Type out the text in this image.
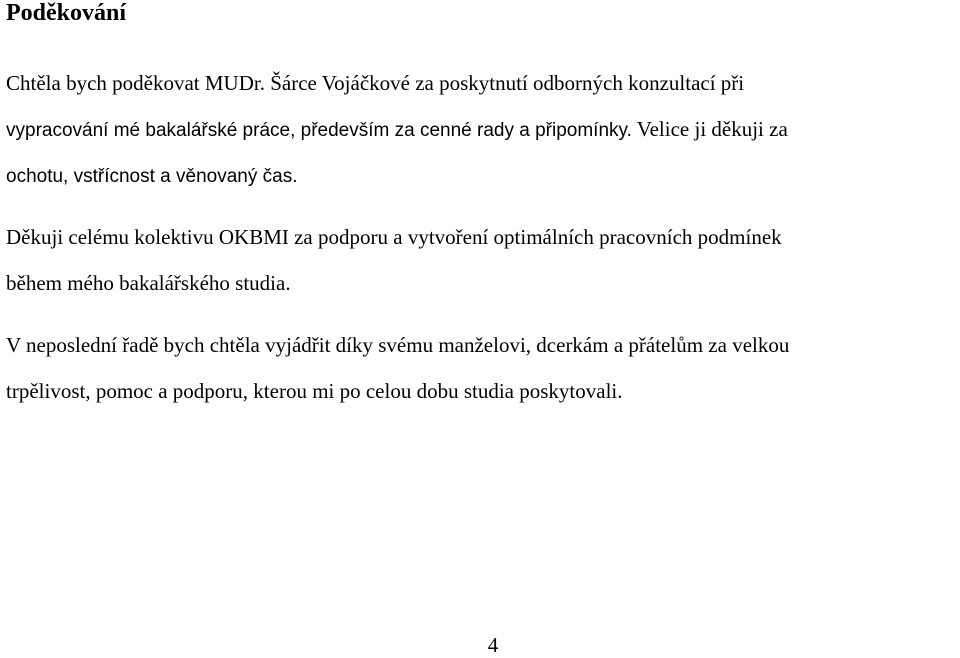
Poděkování
Chtěla bych poděkovat MUDr. Šárce Vojáčkové za poskytnutí odborných konzultací při
vypracování mé bakalářské práce, především za cenné rady a připomínky. Velice ji děkuji za
ochotu, vstřícnost a věnovaný čas.
Děkuji celému kolektivu OKBMI za podporu a vytvoření optimálních pracovních podmínek
během mého bakalářského studia.
V neposlední řadě bych chtěla vyjádřit díky svému manželovi, dcerkám a přátelům za velkou
trpělivost, pomoc a podporu, kterou mi po celou dobu studia poskytovali.
4
